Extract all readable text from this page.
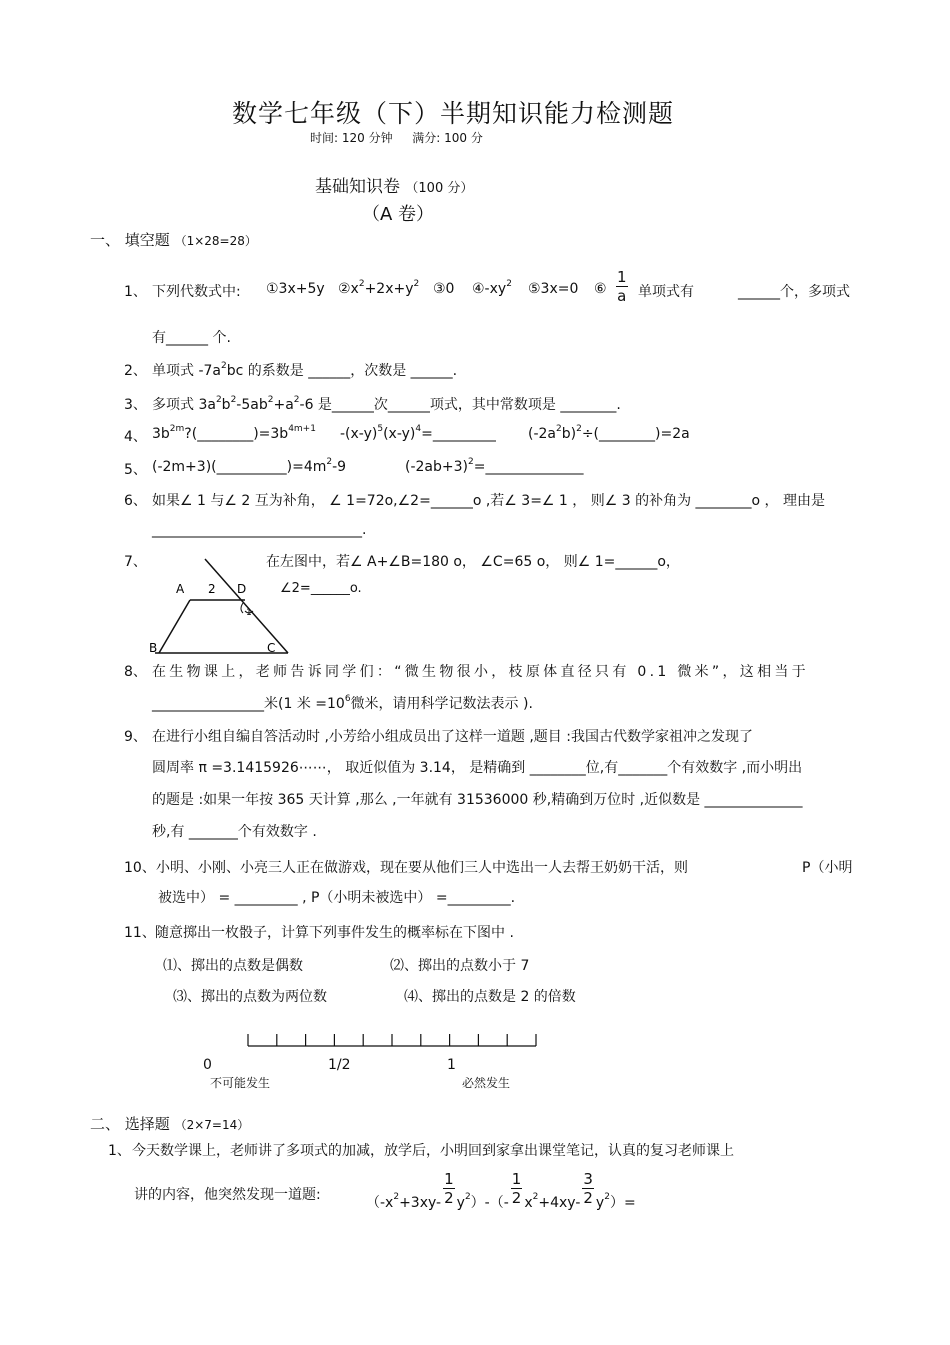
数学七年级（下）半期知识能力检测题
时间: 120 分钟 满分: 100 分
基础知识卷 （100 分）
（A 卷）
一、 填空题 （1×28=28）
1、 下列代数式中: ①3x+5y $②x^2+2x+y^2$ ③0 $④-xy^2$ ⑤3x=0 ⑥ $\frac{1}{a}$ 单项式有	______个，多项式
有______ 个.
2、 单项式 $-7a^2bc$ 的系数是 ______，次数是 ______.
3、 多项式 $3a^2b^2-5ab^2+a^2-6$ 是______次______项式，其中常数项是 ________.
4、 $3b^{2m}?(\_\_\_\_\_\_\_\_)=3b^{4m+1}$ $-(x-y)^5(x-y)^4=\_\_\_\_\_\_\_\_\_$ $(-2a^2b)^2\div(\_\_\_\_\_\_\_\_)=2a$
5、 $(-2m+3)(\_\_\_\_\_\_\_\_\_\_)=4m^2-9$	$(-2ab+3)^2=\_\_\_\_\_\_\_\_\_\_\_\_\_\_$
6、 如果∠ 1 与∠ 2 互为补角， ∠ 1=72o,∠2=______o ,若∠ 3=∠ 1 ， 则∠ 3 的补角为 ________o ， 理由是
______________________________.
7、	在左图中，若∠ A+∠B=180 o， ∠C=65 o， 则∠ 1=______o，
∠2=______o.
A 2 D
B	C
1
8、 在生物课上，老师告诉同学们：“微生物很小，枝原体直径只有 0.1 微米”，这相当于
________________米(1 米 $=10^6$微米，请用科学记数法表示 ).
9、 在进行小组自编自答活动时 ,小芳给小组成员出了这样一道题 ,题目 :我国古代数学家祖冲之发现了
圆周率 π =3.1415926⋯⋯， 取近似值为 3.14， 是精确到 ________位,有_______个有效数字 ,而小明出
的题是 :如果一年按 365 天计算 ,那么 ,一年就有 31536000 秒,精确到万位时 ,近似数是 ______________
秒,有 _______个有效数字 .
10、 小明、小刚、小亮三人正在做游戏，现在要从他们三人中选出一人去帮王奶奶干活，则	P（小明
被选中） = _________ , P（小明未被选中） =_________.
11、 随意掷出一枚骰子，计算下列事件发生的概率标在下图中 .
⑴、掷出的点数是偶数	⑵、掷出的点数小于 7
⑶、掷出的点数为两位数	⑷、掷出的点数是 2 的倍数
0	1/2	1
不可能发生	必然发生
二、 选择题 （2×7=14）
1、 今天数学课上，老师讲了多项式的加减，放学后，小明回到家拿出课堂笔记，认真的复习老师课上
讲的内容，他突然发现一道题:	$(-x_2+3xy- \frac{1}{2} y_2)-(- \frac{1}{2} x_2+4xy- \frac{3}{2} y_2)=$
